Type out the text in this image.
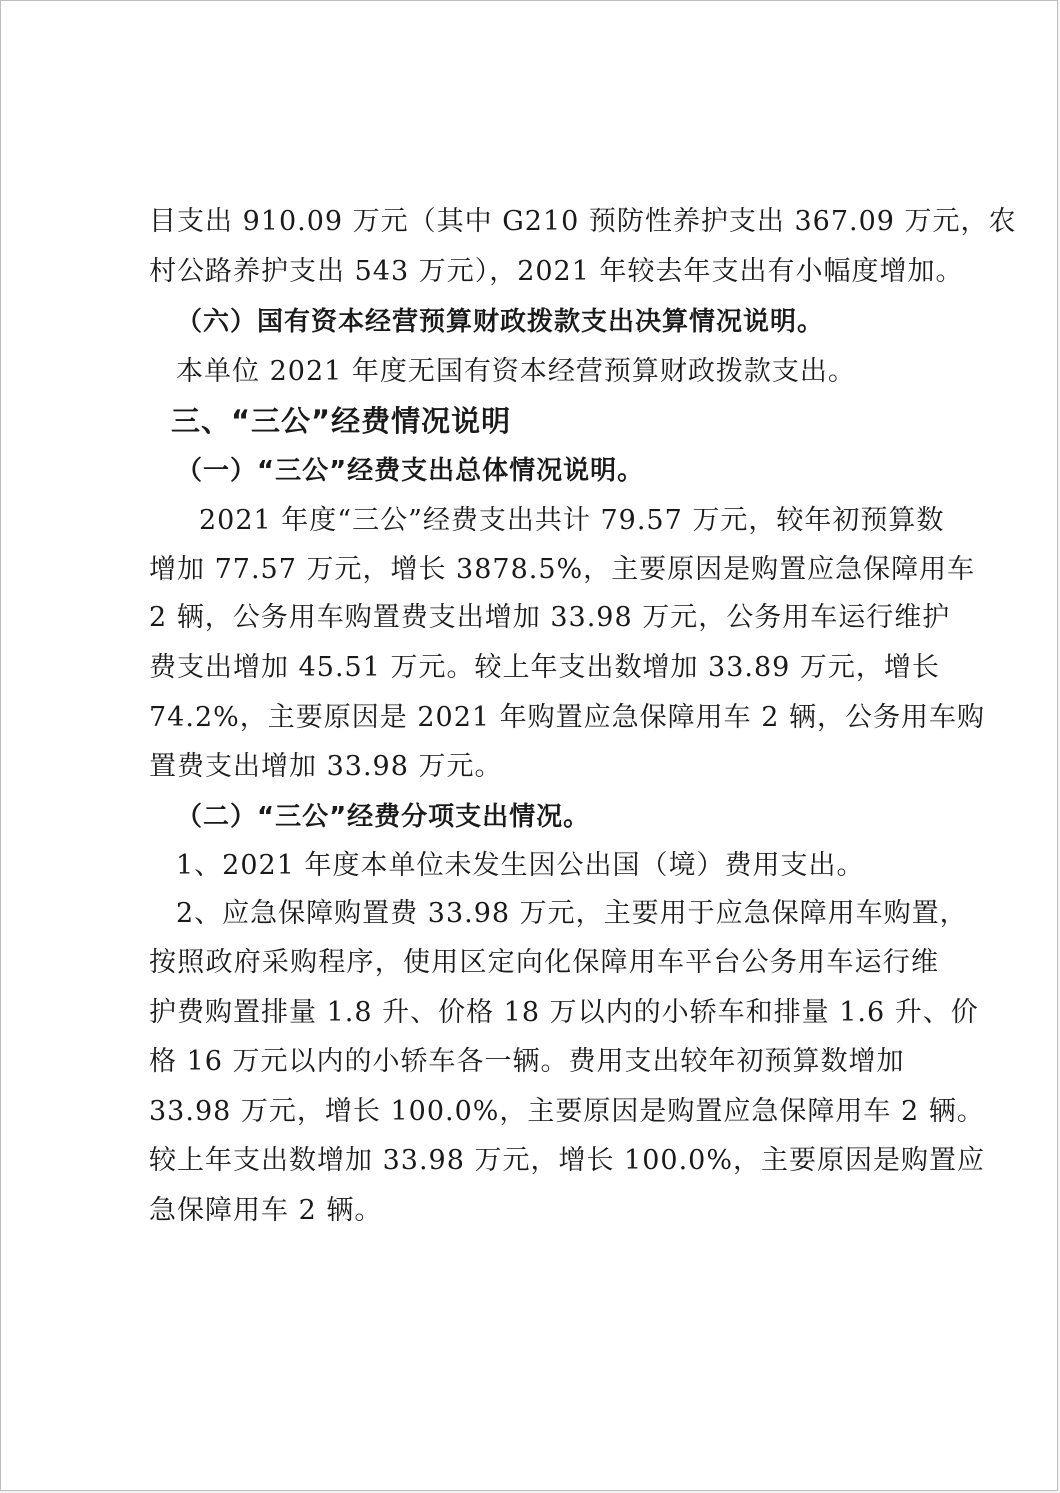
目支出 910.09 万元（其中 G210 预防性养护支出 367.09 万元，农
村公路养护支出 543 万元），2021 年较去年支出有小幅度增加。
（六）国有资本经营预算财政拨款支出决算情况说明。
本单位 2021 年度无国有资本经营预算财政拨款支出。
三、“三公”经费情况说明
（一）“三公”经费支出总体情况说明。
2021 年度“三公”经费支出共计 79.57 万元，较年初预算数
增加 77.57 万元，增长 3878.5%，主要原因是购置应急保障用车
2 辆，公务用车购置费支出增加 33.98 万元，公务用车运行维护
费支出增加 45.51 万元。较上年支出数增加 33.89 万元，增长
74.2%，主要原因是 2021 年购置应急保障用车 2 辆，公务用车购
置费支出增加 33.98 万元。
（二）“三公”经费分项支出情况。
1、2021 年度本单位未发生因公出国（境）费用支出。
2、应急保障购置费 33.98 万元，主要用于应急保障用车购置，
按照政府采购程序，使用区定向化保障用车平台公务用车运行维
护费购置排量 1.8 升、价格 18 万以内的小轿车和排量 1.6 升、价
格 16 万元以内的小轿车各一辆。费用支出较年初预算数增加
33.98 万元，增长 100.0%，主要原因是购置应急保障用车 2 辆。
较上年支出数增加 33.98 万元，增长 100.0%，主要原因是购置应
急保障用车 2 辆。
